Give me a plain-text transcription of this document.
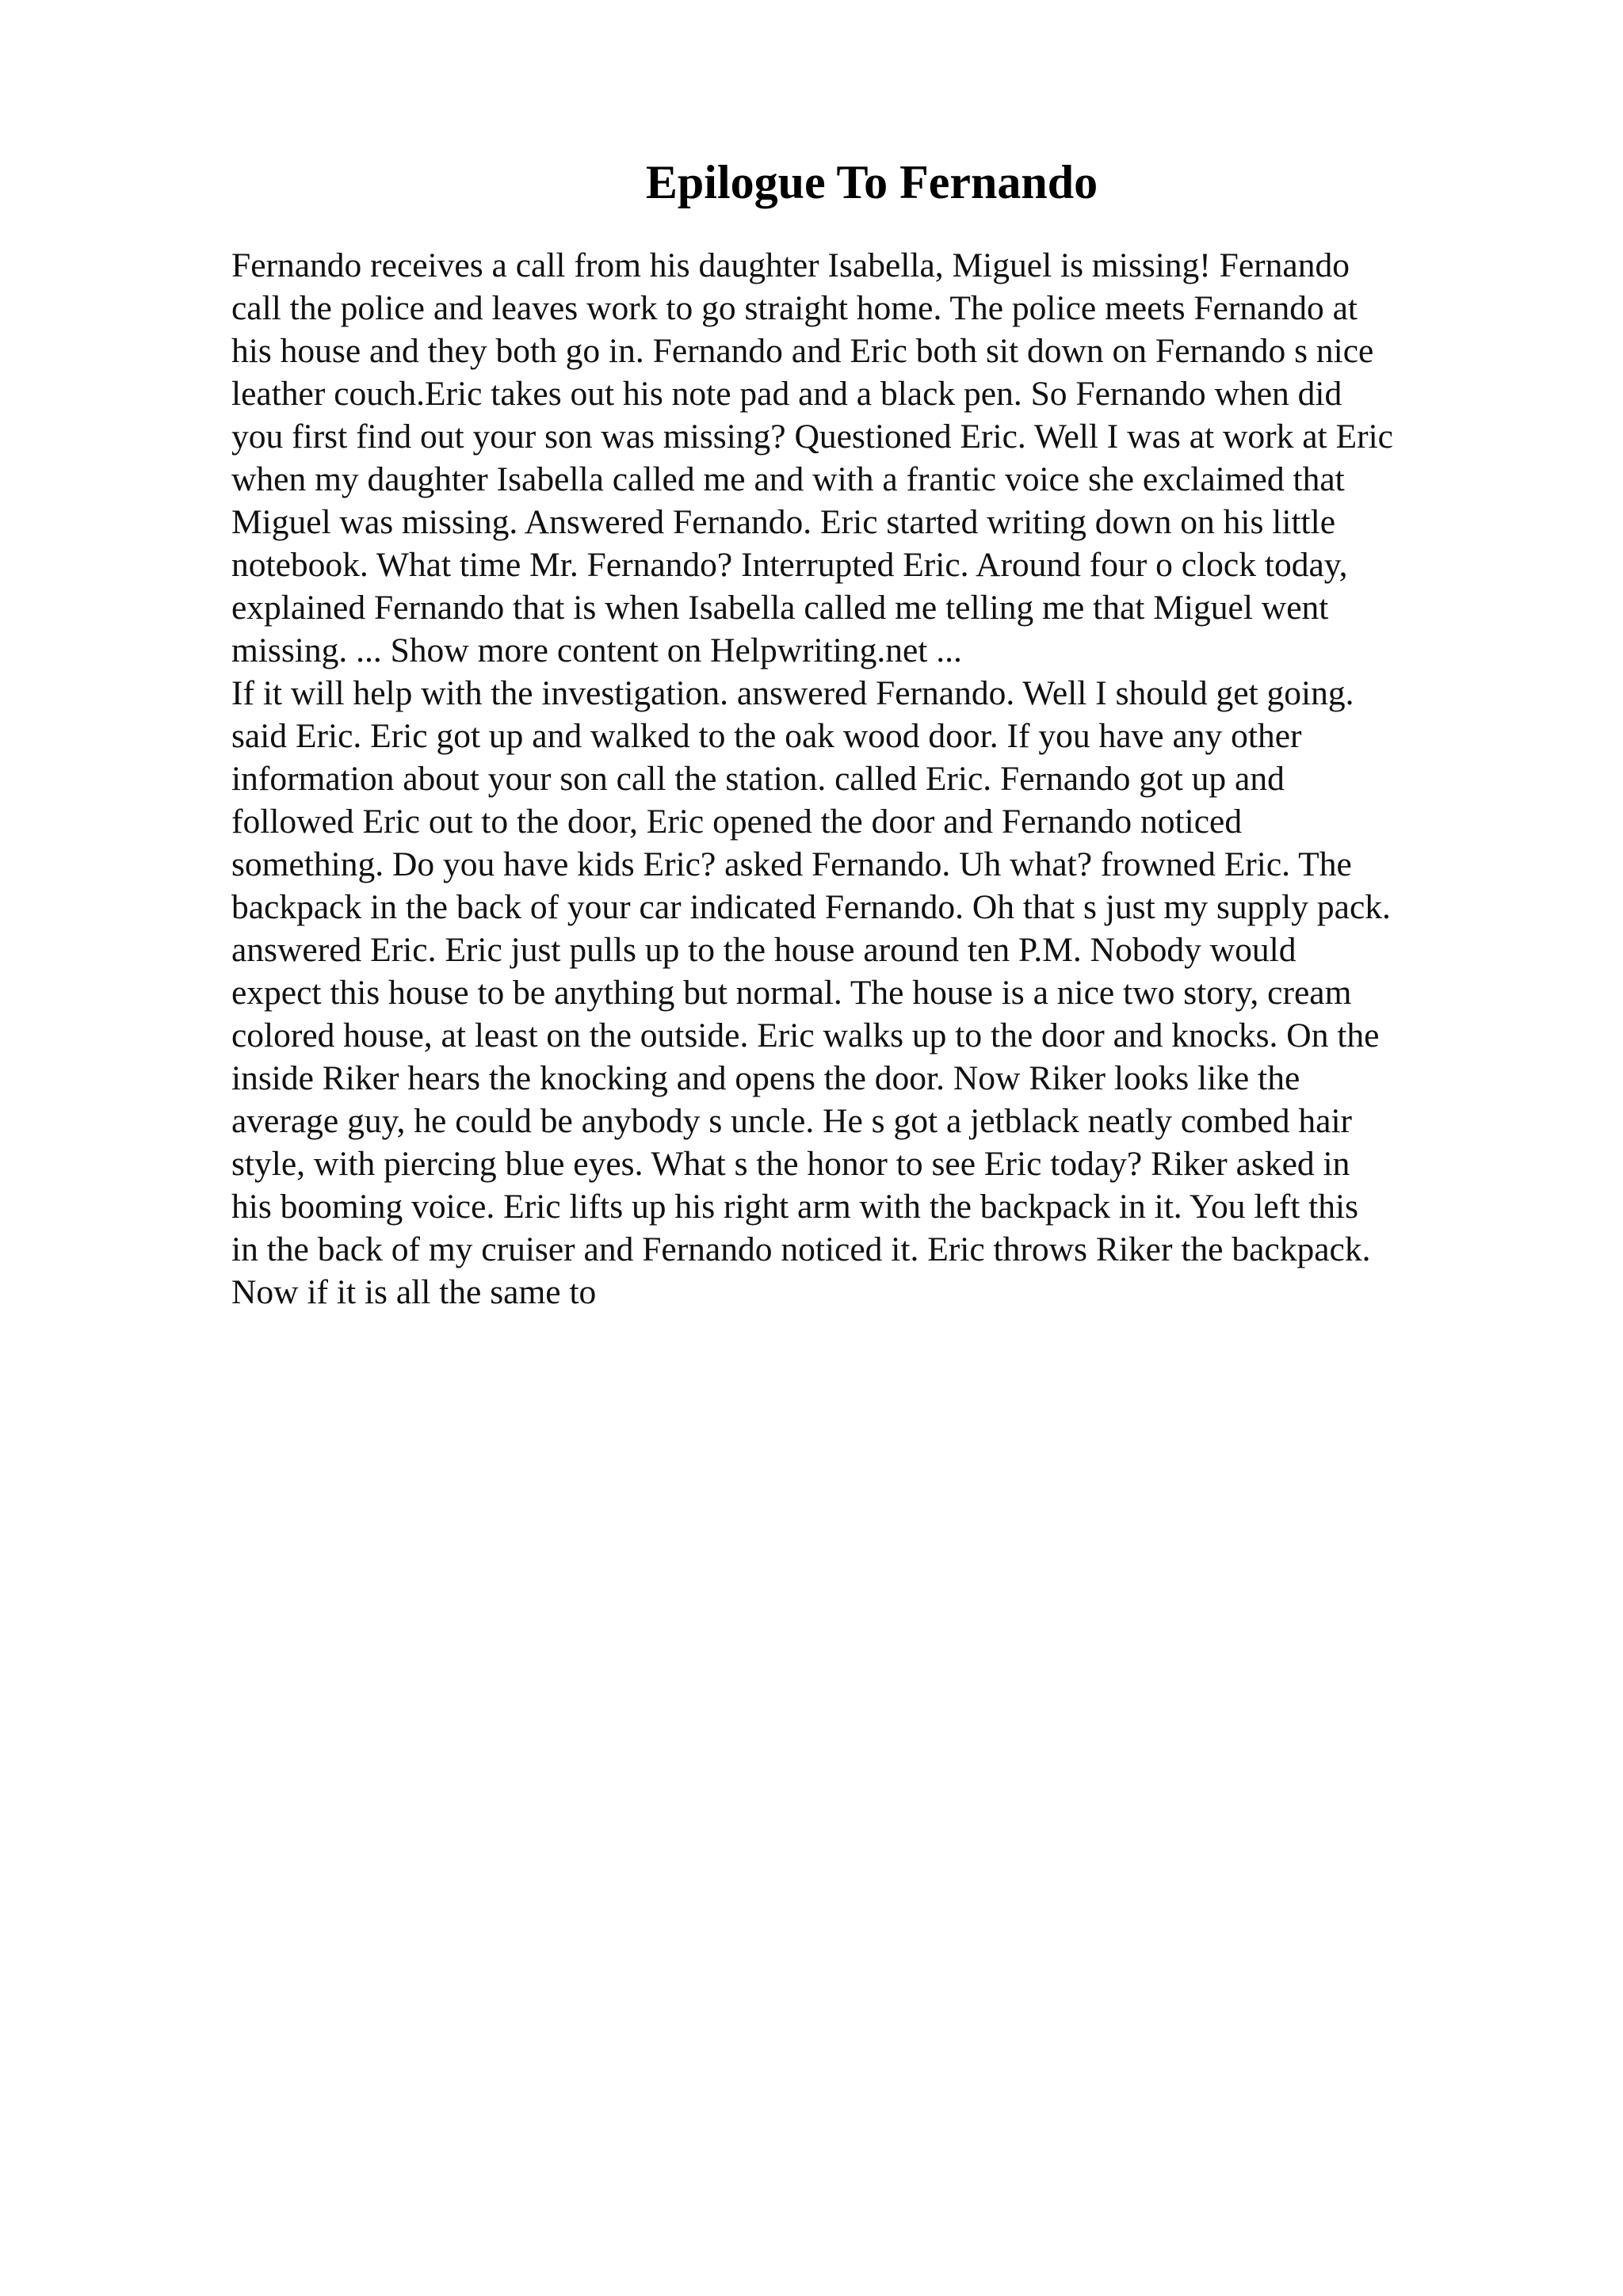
Epilogue To Fernando
Fernando receives a call from his daughter Isabella, Miguel is missing! Fernando
call the police and leaves work to go straight home. The police meets Fernando at
his house and they both go in. Fernando and Eric both sit down on Fernando s nice
leather couch.Eric takes out his note pad and a black pen. So Fernando when did
you first find out your son was missing? Questioned Eric. Well I was at work at Eric
when my daughter Isabella called me and with a frantic voice she exclaimed that
Miguel was missing. Answered Fernando. Eric started writing down on his little
notebook. What time Mr. Fernando? Interrupted Eric. Around four o clock today,
explained Fernando that is when Isabella called me telling me that Miguel went
missing. ... Show more content on Helpwriting.net ...
If it will help with the investigation. answered Fernando. Well I should get going.
said Eric. Eric got up and walked to the oak wood door. If you have any other
information about your son call the station. called Eric. Fernando got up and
followed Eric out to the door, Eric opened the door and Fernando noticed
something. Do you have kids Eric? asked Fernando. Uh what? frowned Eric. The
backpack in the back of your car indicated Fernando. Oh that s just my supply pack.
answered Eric. Eric just pulls up to the house around ten P.M. Nobody would
expect this house to be anything but normal. The house is a nice two story, cream
colored house, at least on the outside. Eric walks up to the door and knocks. On the
inside Riker hears the knocking and opens the door. Now Riker looks like the
average guy, he could be anybody s uncle. He s got a jetblack neatly combed hair
style, with piercing blue eyes. What s the honor to see Eric today? Riker asked in
his booming voice. Eric lifts up his right arm with the backpack in it. You left this
in the back of my cruiser and Fernando noticed it. Eric throws Riker the backpack.
Now if it is all the same to
